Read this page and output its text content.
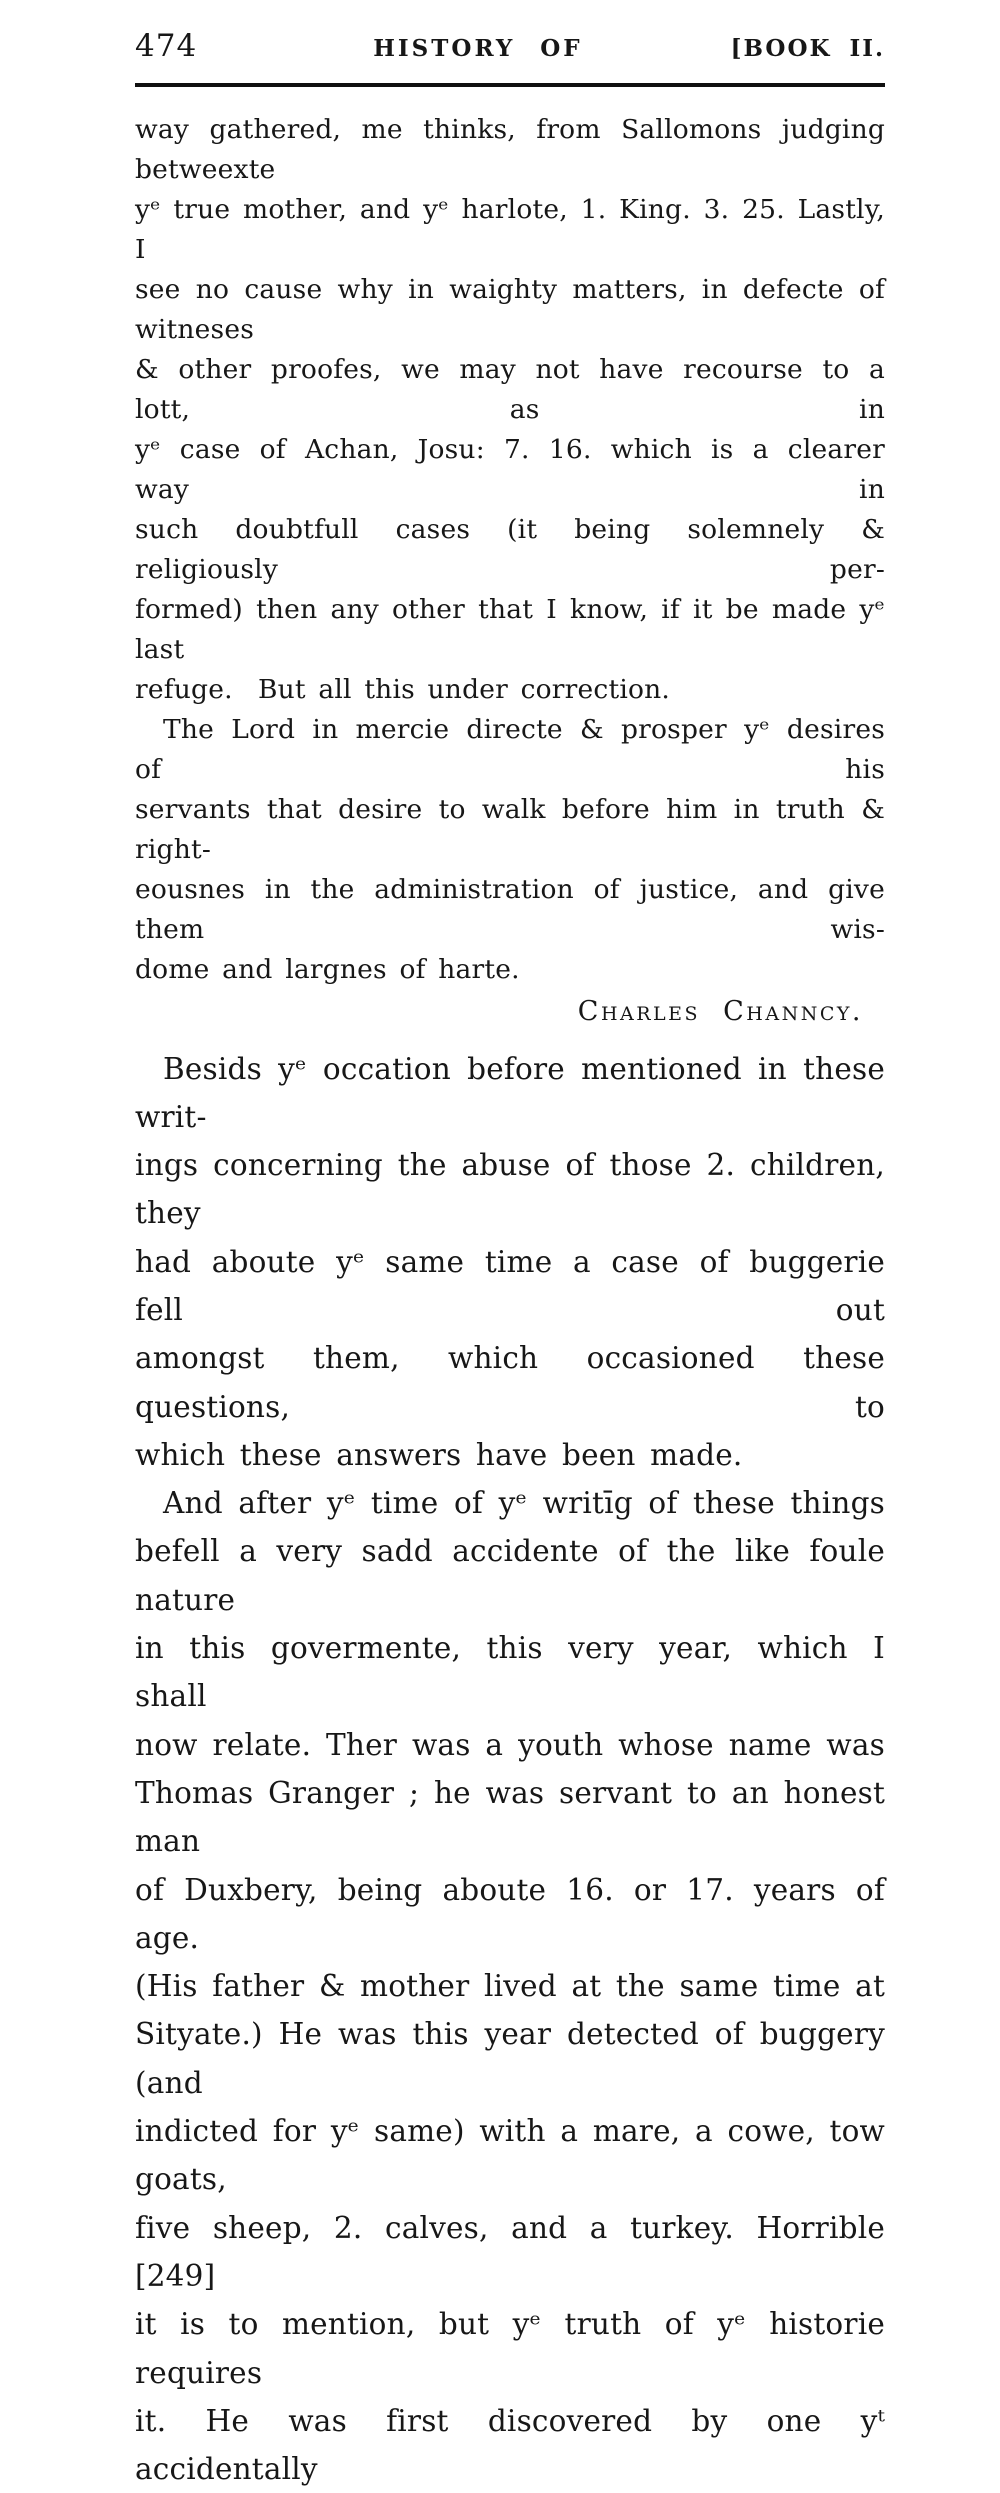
474	HISTORY OF	[BOOK II.
way gathered, me thinks, from Sallomons judging betweexte
yᵉ true mother, and yᵉ harlote, 1. King. 3. 25. Lastly, I
see no cause why in waighty matters, in defecte of witneses
& other proofes, we may not have recourse to a lott, as in
yᵉ case of Achan, Josu: 7. 16. which is a clearer way in
such doubtfull cases (it being solemnely & religiously per-
formed) then any other that I know, if it be made yᵉ last
refuge.  But all this under correction.
The Lord in mercie directe & prosper yᵉ desires of his
servants that desire to walk before him in truth & right-
eousnes in the administration of justice, and give them wis-
dome and largnes of harte.
Charles Channcy.
Besids yᵉ occation before mentioned in these writ-
ings concerning the abuse of those 2. children, they
had aboute yᵉ same time a case of buggerie fell out
amongst them, which occasioned these questions, to
which these answers have been made.
And after yᵉ time of yᵉ writīg of these things
befell a very sadd accidente of the like foule nature
in this govermente, this very year, which I shall
now relate. Ther was a youth whose name was
Thomas Granger ; he was servant to an honest man
of Duxbery, being aboute 16. or 17. years of age.
(His father & mother lived at the same time at
Sityate.) He was this year detected of buggery (and
indicted for yᵉ same) with a mare, a cowe, tow goats,
five sheep, 2. calves, and a turkey. Horrible [249]
it is to mention, but yᵉ truth of yᵉ historie requires
it. He was first discovered by one yᵗ accidentally
